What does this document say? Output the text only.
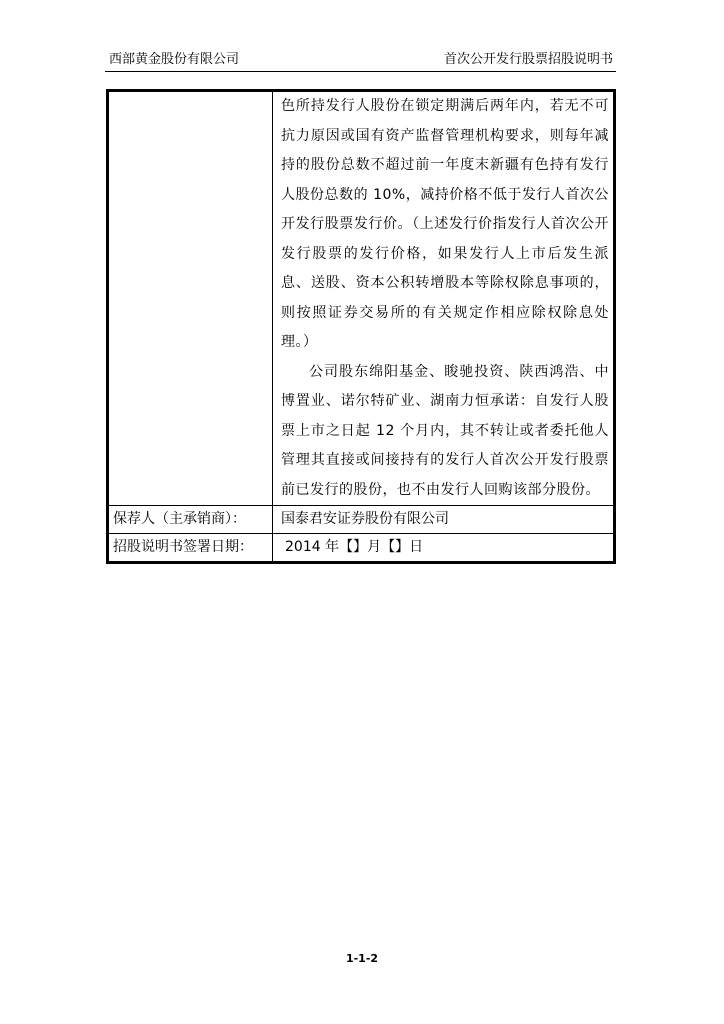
西部黄金股份有限公司	首次公开发行股票招股说明书

	色所持发行人股份在锁定期满后两年内，若无不可抗力原因或国有资产监督管理机构要求，则每年减持的股份总数不超过前一年度末新疆有色持有发行人股份总数的 10%，减持价格不低于发行人首次公开发行股票发行价。（上述发行价指发行人首次公开发行股票的发行价格，如果发行人上市后发生派息、送股、资本公积转增股本等除权除息事项的，则按照证券交易所的有关规定作相应除权除息处理。）

公司股东绵阳基金、睃驰投资、陕西鸿浩、中博置业、诺尔特矿业、湖南力恒承诺：自发行人股票上市之日起 12 个月内，其不转让或者委托他人管理其直接或间接持有的发行人首次公开发行股票前已发行的股份，也不由发行人回购该部分股份。

保荐人（主承销商）：	国泰君安证券股份有限公司

招股说明书签署日期：	2014 年【】月【】日
1-1-2
